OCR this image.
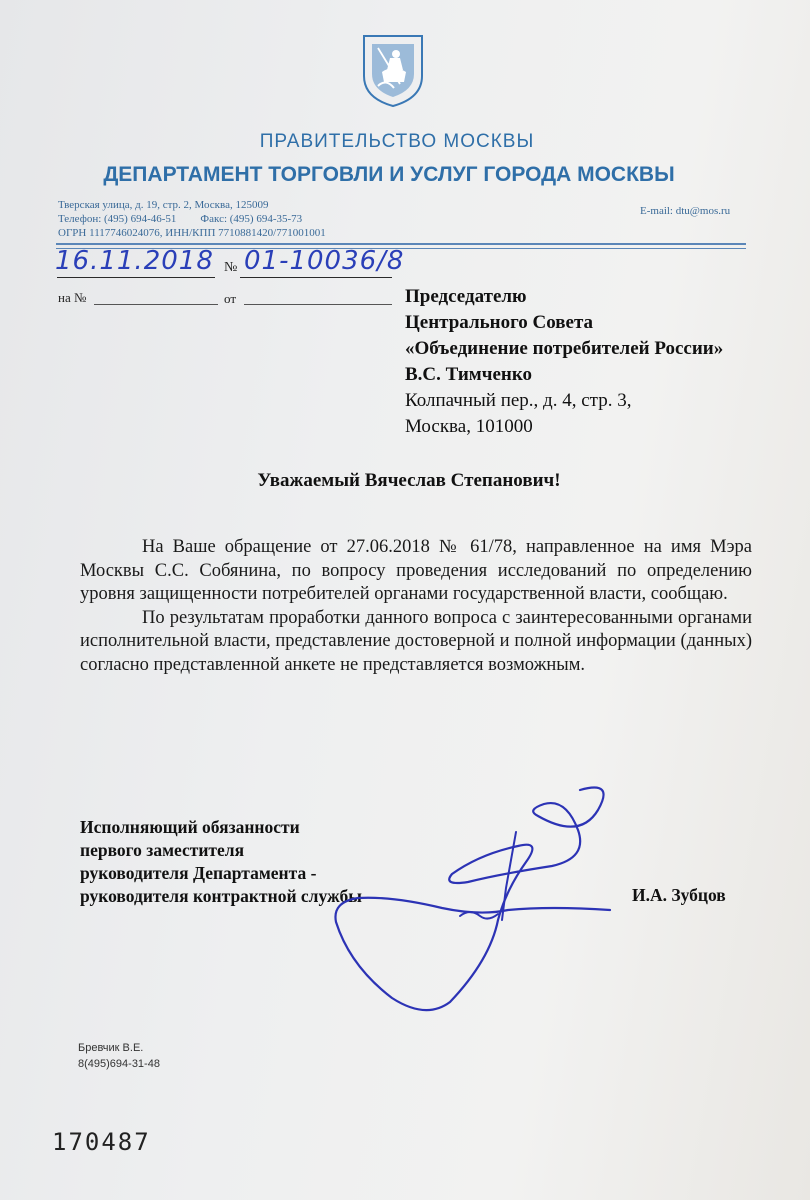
ПРАВИТЕЛЬСТВО МОСКВЫ
ДЕПАРТАМЕНТ ТОРГОВЛИ И УСЛУГ ГОРОДА МОСКВЫ
Тверская улица, д. 19, стр. 2, Москва, 125009
Телефон: (495) 694-46-51 Факс: (495) 694-35-73
ОГРН 1117746024076, ИНН/КПП 7710881420/771001001
E-mail: dtu@mos.ru
16.11.2018 № 01-10036/8
на №	от	Председателю
Центрального Совета
«Объединение потребителей России»
В.С. Тимченко
Колпачный пер., д. 4, стр. 3,
Москва, 101000
Уважаемый Вячеслав Степанович!

На Ваше обращение от 27.06.2018 № 61/78, направленное на имя Мэра Москвы С.С. Собянина, по вопросу проведения исследований по определению уровня защищенности потребителей органами государственной власти, сообщаю.

По результатам проработки данного вопроса с заинтересованными органами исполнительной власти, представление достоверной и полной информации (данных) согласно представленной анкете не представляется возможным.

Исполняющий обязанности
первого заместителя
руководителя Департамента -
руководителя контрактной службы	И.А. Зубцов
Бревчик В.Е.
8(495)694-31-48
170487
